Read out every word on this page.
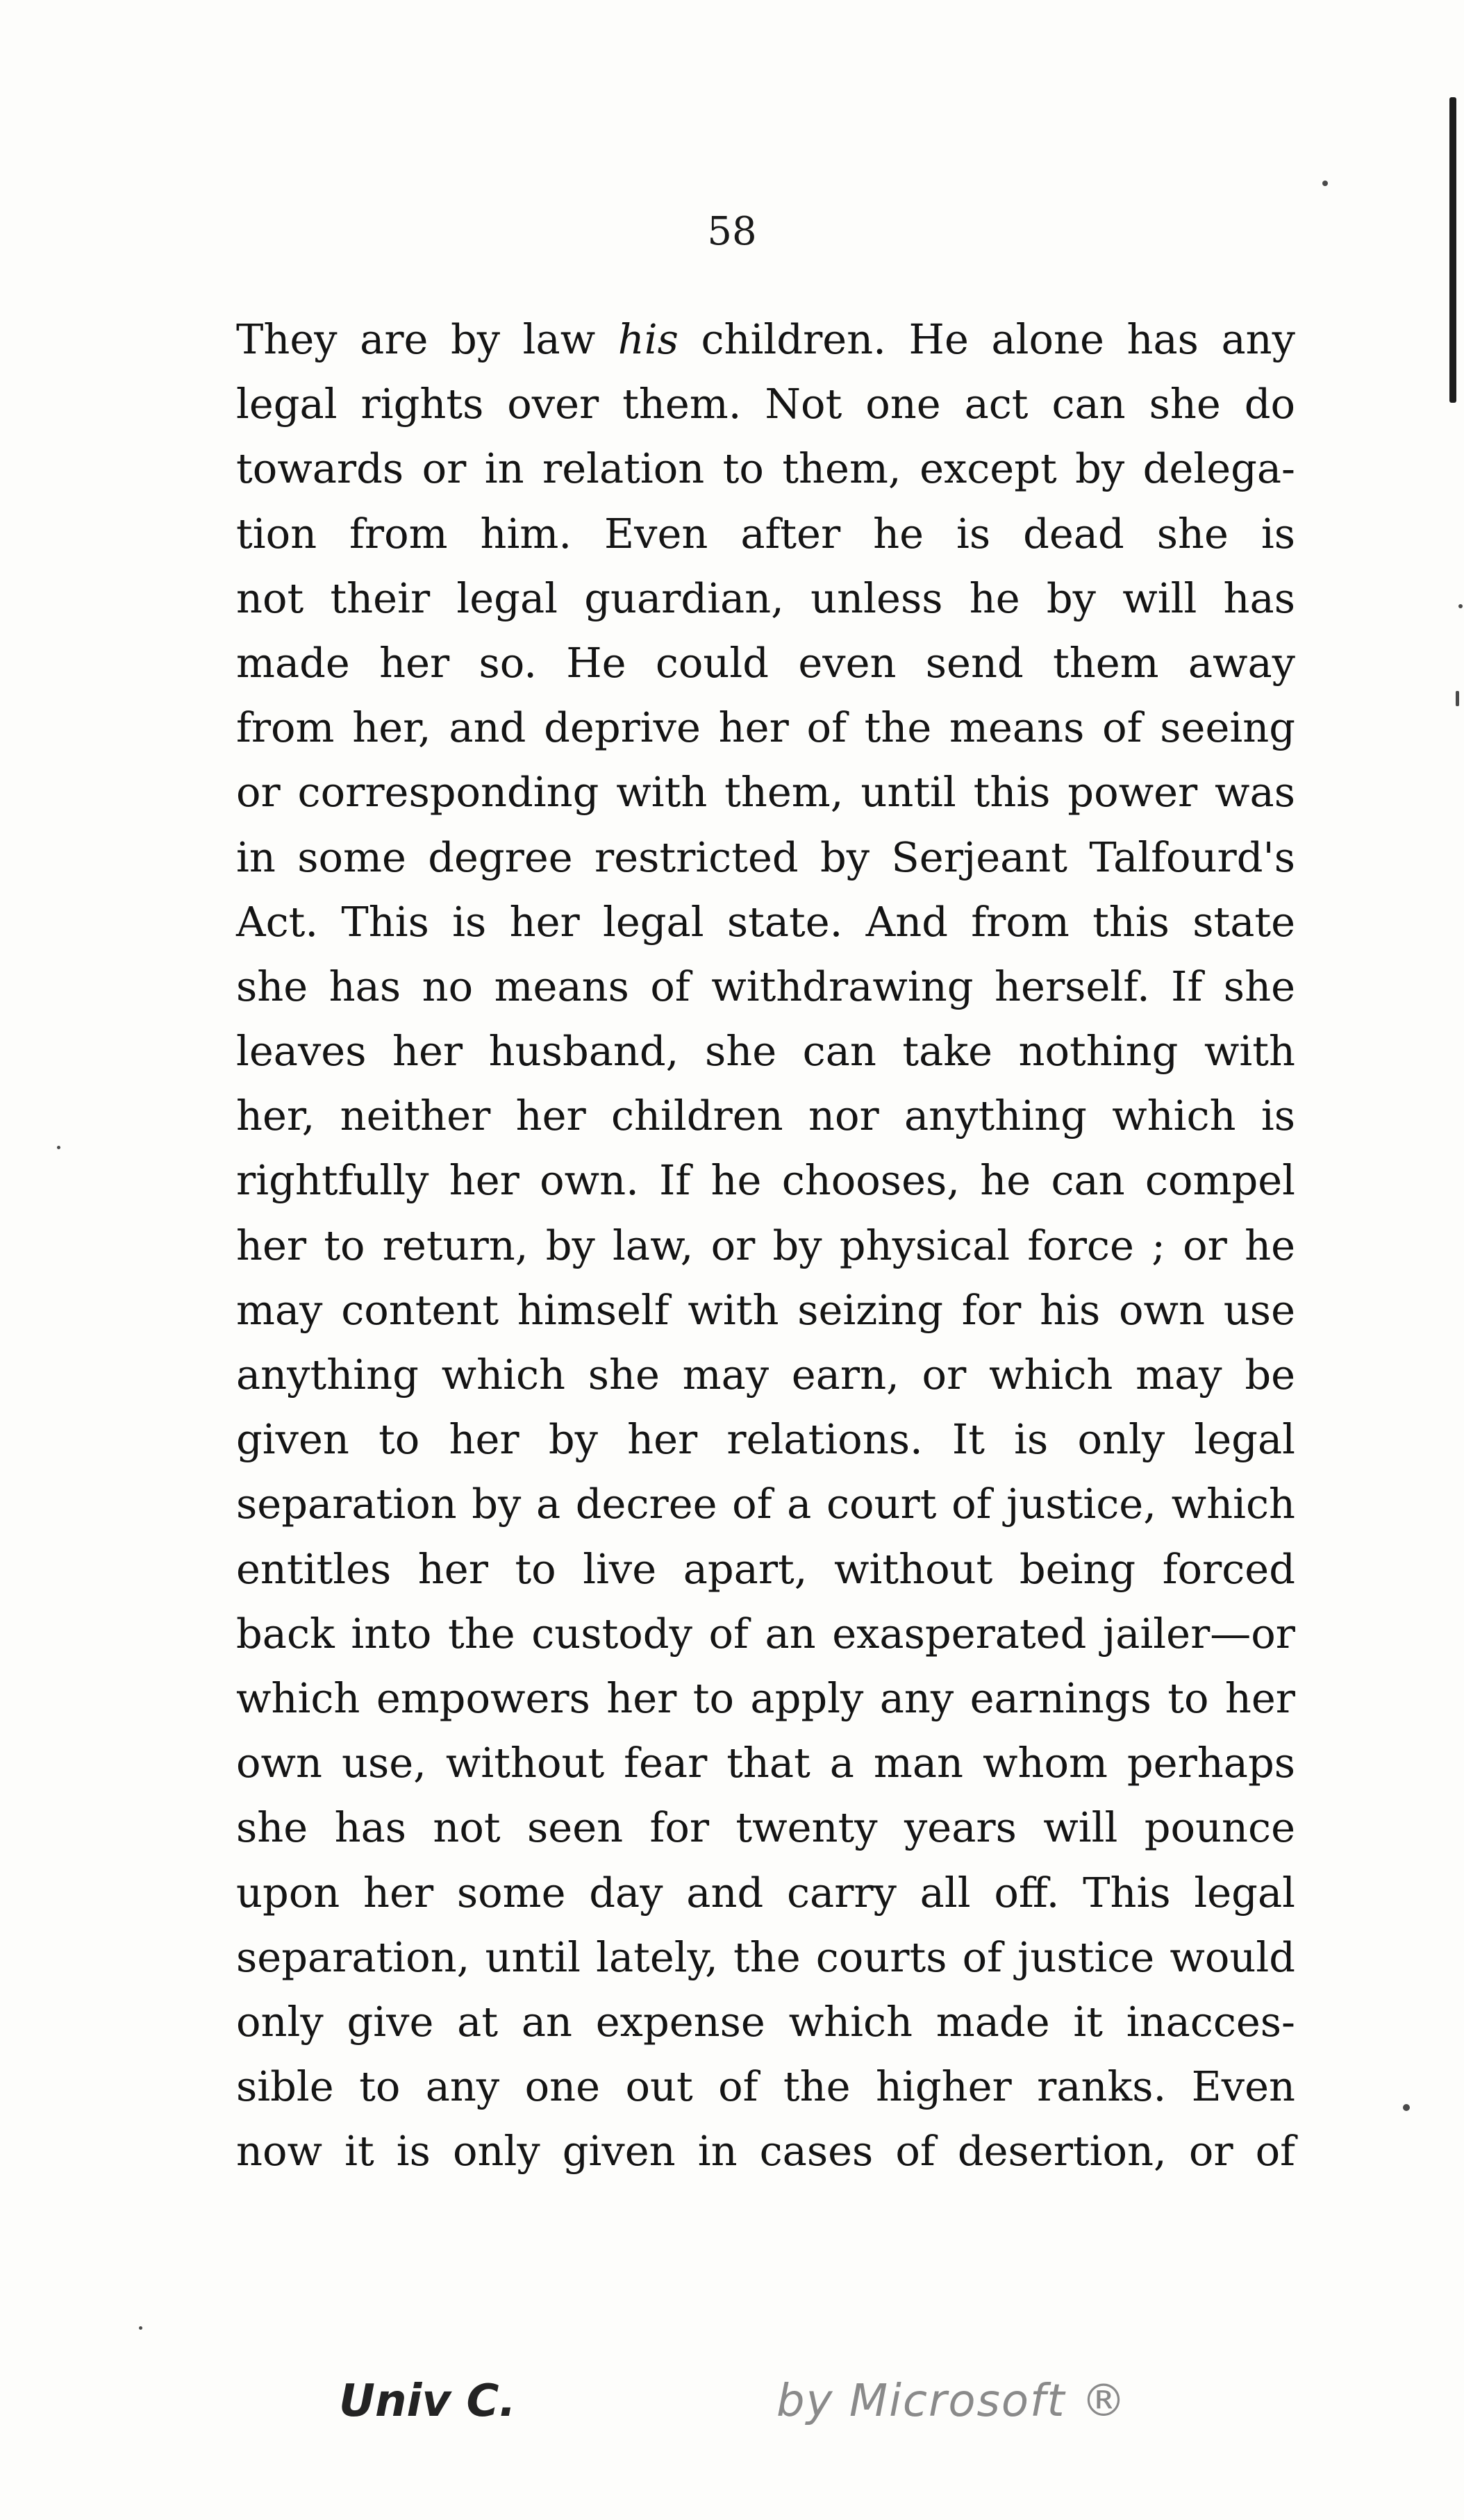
58
They are by law his children. He alone has any
legal rights over them. Not one act can she do
towards or in relation to them, except by delega-
tion from him. Even after he is dead she is
not their legal guardian, unless he by will has
made her so. He could even send them away
from her, and deprive her of the means of seeing
or corresponding with them, until this power was
in some degree restricted by Serjeant Talfourd's
Act. This is her legal state. And from this state
she has no means of withdrawing herself. If she
leaves her husband, she can take nothing with
her, neither her children nor anything which is
rightfully her own. If he chooses, he can compel
her to return, by law, or by physical force ; or he
may content himself with seizing for his own use
anything which she may earn, or which may be
given to her by her relations. It is only legal
separation by a decree of a court of justice, which
entitles her to live apart, without being forced
back into the custody of an exasperated jailer—or
which empowers her to apply any earnings to her
own use, without fear that a man whom perhaps
she has not seen for twenty years will pounce
upon her some day and carry all off. This legal
separation, until lately, the courts of justice would
only give at an expense which made it inacces-
sible to any one out of the higher ranks. Even
now it is only given in cases of desertion, or of
Univ C.	by Microsoft ®
